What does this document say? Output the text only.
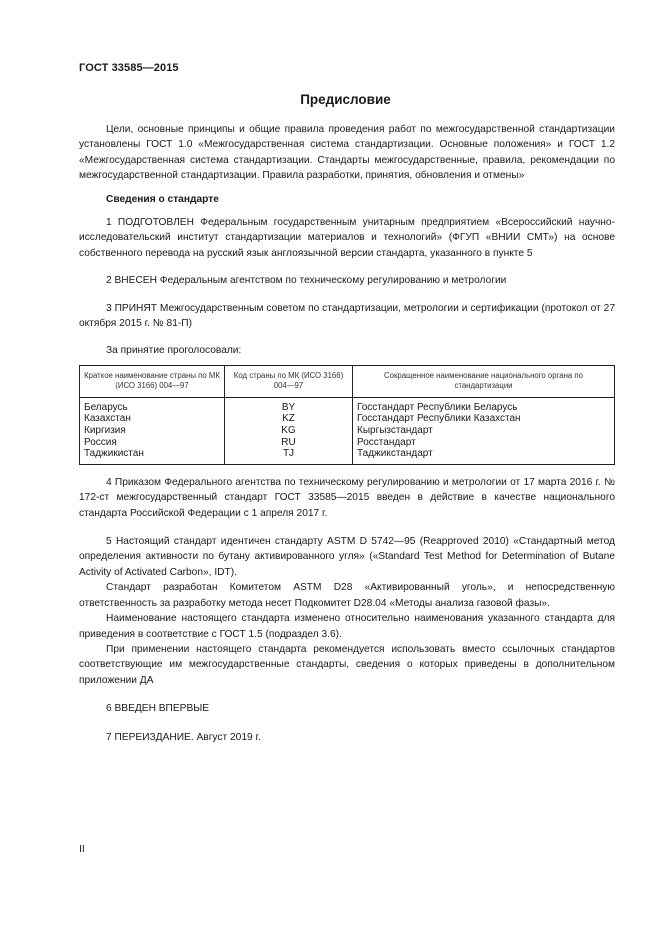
ГОСТ 33585—2015
Предисловие

Цели, основные принципы и общие правила проведения работ по межгосударственной стандартизации установлены ГОСТ 1.0 «Межгосударственная система стандартизации. Основные положения» и ГОСТ 1.2 «Межгосударственная система стандартизации. Стандарты межгосударственные, правила, рекомендации по межгосударственной стандартизации. Правила разработки, принятия, обновления и отмены»

Сведения о стандарте

1 ПОДГОТОВЛЕН Федеральным государственным унитарным предприятием «Всероссийский научно-исследовательский институт стандартизации материалов и технологий» (ФГУП «ВНИИ СМТ») на основе собственного перевода на русский язык англоязычной версии стандарта, указанного в пункте 5

2 ВНЕСЕН Федеральным агентством по техническому регулированию и метрологии

3 ПРИНЯТ Межгосударственным советом по стандартизации, метрологии и сертификации (протокол от 27 октября 2015 г. № 81-П)

За принятие проголосовали:

Краткое наименование страны по МК (ИСО 3166) 004—97	Код страны по МК (ИСО 3166) 004—97	Сокращенное наименование национального органа по стандартизации
Беларусь	BY	Госстандарт Республики Беларусь
Казахстан	KZ	Госстандарт Республики Казахстан
Киргизия	KG	Кыргызстандарт
Россия	RU	Росстандарт
Таджикистан	TJ	Таджикстандарт

4 Приказом Федерального агентства по техническому регулированию и метрологии от 17 марта 2016 г. № 172-ст межгосударственный стандарт ГОСТ 33585—2015 введен в действие в качестве национального стандарта Российской Федерации с 1 апреля 2017 г.

5 Настоящий стандарт идентичен стандарту ASTM D 5742—95 (Reapproved 2010) «Стандартный метод определения активности по бутану активированного угля» («Standard Test Method for Determination of Butane Activity of Activated Carbon», IDT).

Стандарт разработан Комитетом ASTM D28 «Активированный уголь», и непосредственную ответственность за разработку метода несет Подкомитет D28.04 «Методы анализа газовой фазы».

Наименование настоящего стандарта изменено относительно наименования указанного стандарта для приведения в соответствие с ГОСТ 1.5 (подраздел 3.6).

При применении настоящего стандарта рекомендуется использовать вместо ссылочных стандартов соответствующие им межгосударственные стандарты, сведения о которых приведены в дополнительном приложении ДА

6 ВВЕДЕН ВПЕРВЫЕ

7 ПЕРЕИЗДАНИЕ. Август 2019 г.

II
